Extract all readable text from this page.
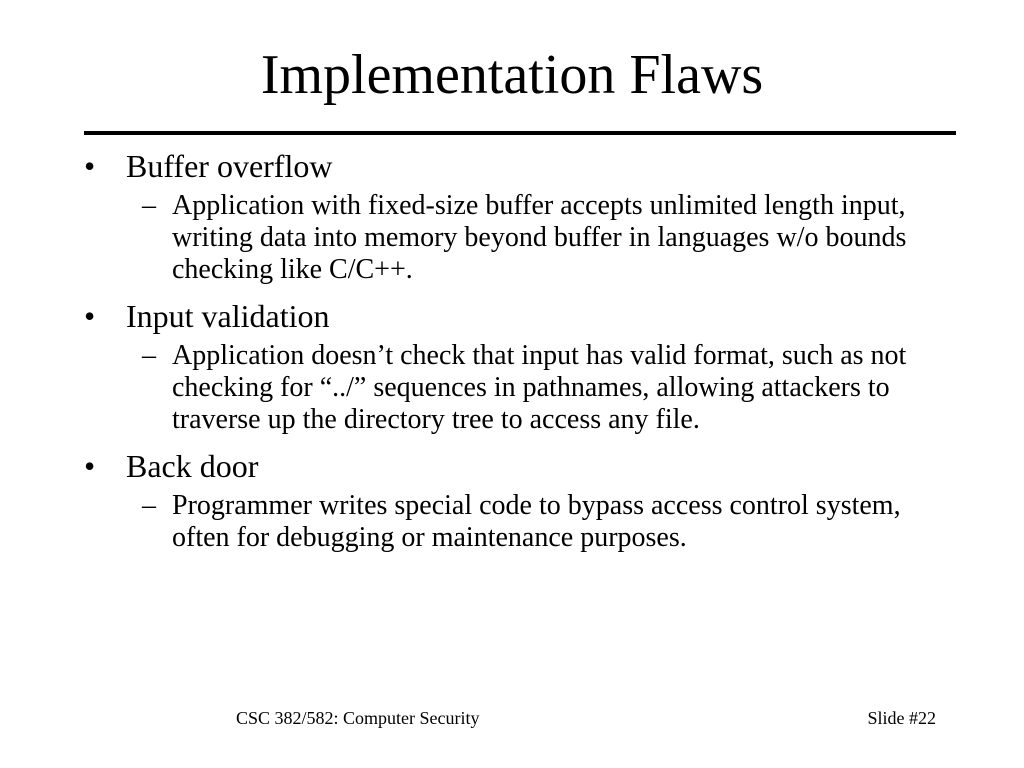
Implementation Flaws
• Buffer overflow
– Application with fixed-size buffer accepts unlimited length input, writing data into memory beyond buffer in languages w/o bounds checking like C/C++.
• Input validation
– Application doesn’t check that input has valid format, such as not checking for “../” sequences in pathnames, allowing attackers to traverse up the directory tree to access any file.
• Back door
– Programmer writes special code to bypass access control system, often for debugging or maintenance purposes.
CSC 382/582: Computer Security	Slide #22
